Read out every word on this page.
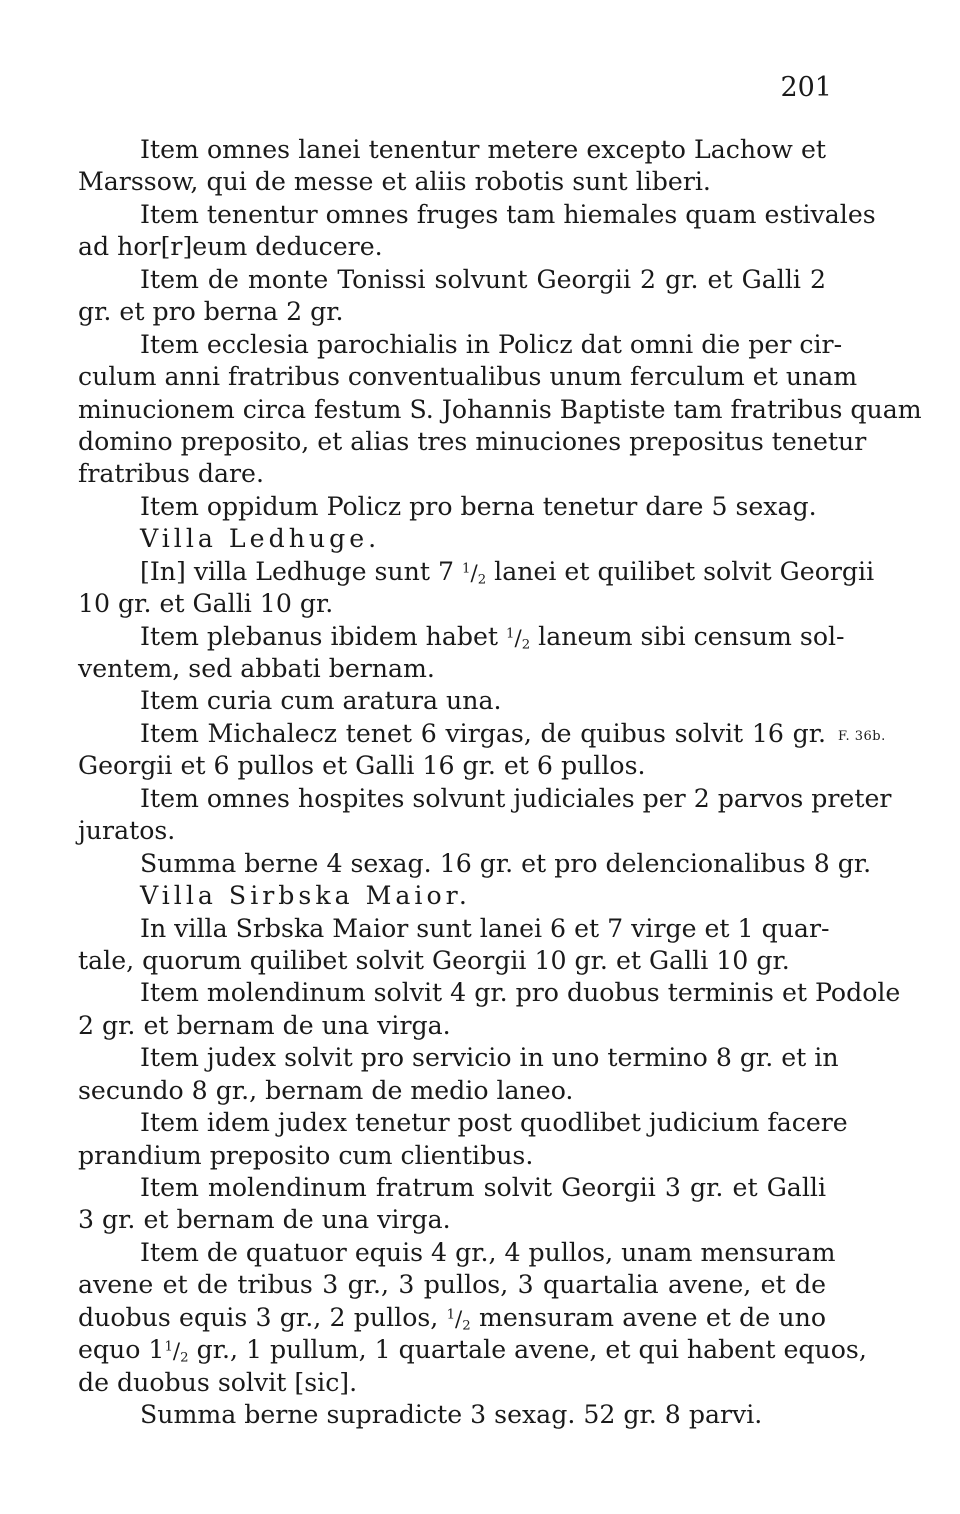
201
Item omnes lanei tenentur metere excepto Lachow et
Marssow, qui de messe et aliis robotis sunt liberi.
Item tenentur omnes fruges tam hiemales quam estivales
ad hor[r]eum deducere.
Item de monte Tonissi solvunt Georgii 2 gr. et Galli 2
gr. et pro berna 2 gr.
Item ecclesia parochialis in Policz dat omni die per cir-
culum anni fratribus conventualibus unum ferculum et unam
minucionem circa festum S. Johannis Baptiste tam fratribus quam
domino preposito, et alias tres minuciones prepositus tenetur
fratribus dare.
Item oppidum Policz pro berna tenetur dare 5 sexag.
Villa Ledhuge.
[In] villa Ledhuge sunt 7 $^1/_2$ lanei et quilibet solvit Georgii
10 gr. et Galli 10 gr.
Item plebanus ibidem habet $^1/_2$ laneum sibi censum sol-
ventem, sed abbati bernam.
Item curia cum aratura una.
Item Michalecz tenet 6 virgas, de quibus solvit 16 gr.
Georgii et 6 pullos et Galli 16 gr. et 6 pullos.
Item omnes hospites solvunt judiciales per 2 parvos preter
juratos.
Summa berne 4 sexag. 16 gr. et pro delencionalibus 8 gr.
Villa Sirbska Maior.
In villa Srbska Maior sunt lanei 6 et 7 virge et 1 quar-
tale, quorum quilibet solvit Georgii 10 gr. et Galli 10 gr.
Item molendinum solvit 4 gr. pro duobus terminis et Podole
2 gr. et bernam de una virga.
Item judex solvit pro servicio in uno termino 8 gr. et in
secundo 8 gr., bernam de medio laneo.
Item idem judex tenetur post quodlibet judicium facere
prandium preposito cum clientibus.
Item molendinum fratrum solvit Georgii 3 gr. et Galli
3 gr. et bernam de una virga.
Item de quatuor equis 4 gr., 4 pullos, unam mensuram
avene et de tribus 3 gr., 3 pullos, 3 quartalia avene, et de
duobus equis 3 gr., 2 pullos, $^1/_2$ mensuram avene et de uno
equo $1^1/_2$ gr., 1 pullum, 1 quartale avene, et qui habent equos,
de duobus solvit [sic].
Summa berne supradicte 3 sexag. 52 gr. 8 parvi.
F. 36b.
